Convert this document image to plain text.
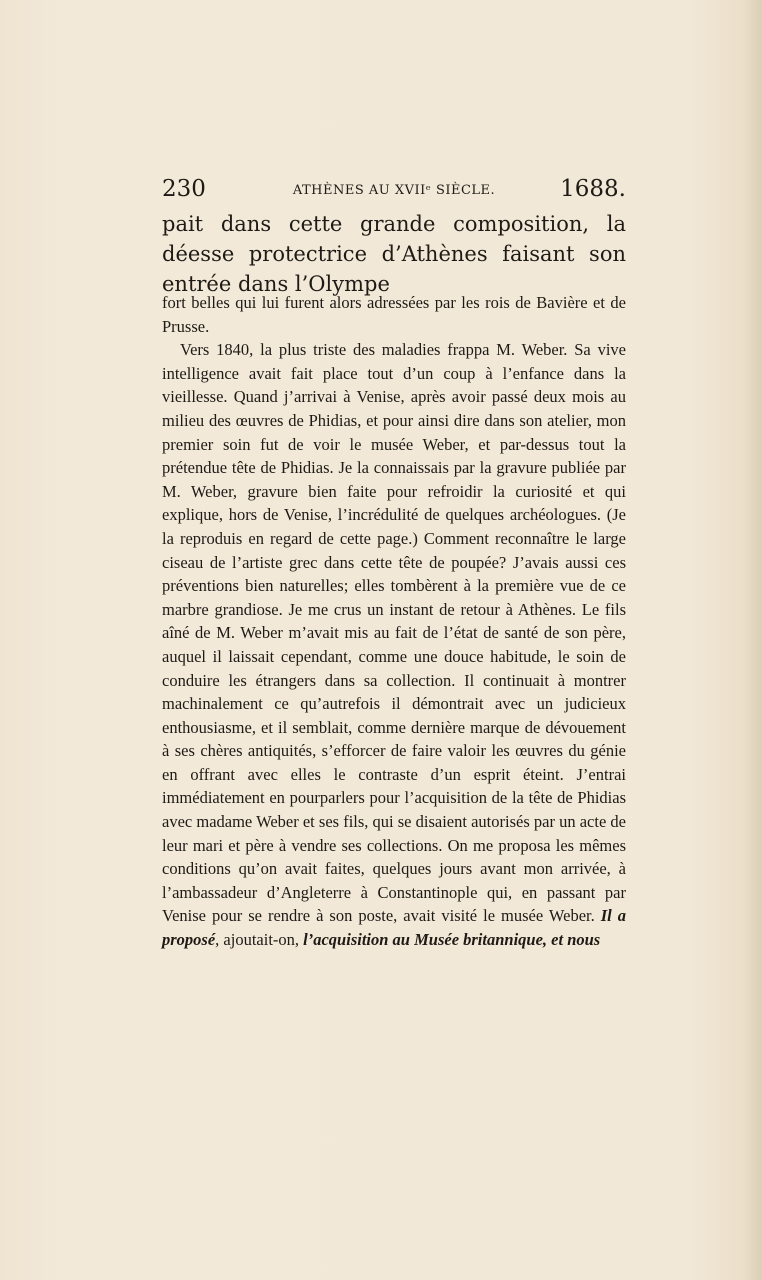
230	ATHÈNES AU XVIIᵉ SIÈCLE.	1688.
pait dans cette grande composition, la déesse protectrice d’Athènes faisant son entrée dans l’Olympe

fort belles qui lui furent alors adressées par les rois de Bavière et de Prusse.

Vers 1840, la plus triste des maladies frappa M. Weber. Sa vive intelligence avait fait place tout d’un coup à l’enfance dans la vieillesse. Quand j’arrivai à Venise, après avoir passé deux mois au milieu des œuvres de Phidias, et pour ainsi dire dans son atelier, mon premier soin fut de voir le musée Weber, et par-dessus tout la prétendue tête de Phidias. Je la connaissais par la gravure publiée par M. Weber, gravure bien faite pour refroidir la curiosité et qui explique, hors de Venise, l’incrédulité de quelques archéologues. (Je la reproduis en regard de cette page.) Comment reconnaître le large ciseau de l’artiste grec dans cette tête de poupée? J’avais aussi ces préventions bien naturelles; elles tombèrent à la première vue de ce marbre grandiose. Je me crus un instant de retour à Athènes. Le fils aîné de M. Weber m’avait mis au fait de l’état de santé de son père, auquel il laissait cependant, comme une douce habitude, le soin de conduire les étrangers dans sa collection. Il continuait à montrer machinalement ce qu’autrefois il démontrait avec un judicieux enthousiasme, et il semblait, comme dernière marque de dévouement à ses chères antiquités, s’efforcer de faire valoir les œuvres du génie en offrant avec elles le contraste d’un esprit éteint. J’entrai immédiatement en pourparlers pour l’acquisition de la tête de Phidias avec madame Weber et ses fils, qui se disaient autorisés par un acte de leur mari et père à vendre ses collections. On me proposa les mêmes conditions qu’on avait faites, quelques jours avant mon arrivée, à l’ambassadeur d’Angleterre à Constantinople qui, en passant par Venise pour se rendre à son poste, avait visité le musée Weber. Il a proposé, ajoutait-on, l’acquisition au Musée britannique, et nous
